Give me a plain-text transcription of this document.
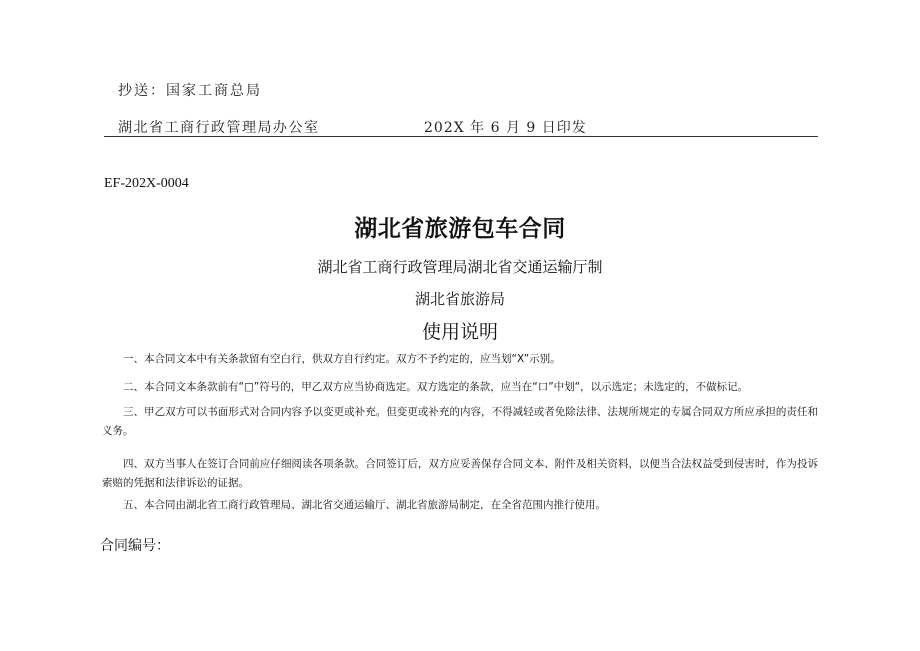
抄送：国家工商总局
湖北省工商行政管理局办公室	202X 年 6 月 9 日印发
EF-202X-0004
湖北省旅游包车合同
湖北省工商行政管理局湖北省交通运输厅制
湖北省旅游局
使用说明

一、本合同文本中有关条款留有空白行，供双方自行约定。双方不予约定的，应当划“X”示别。

二、本合同文本条款前有“□”符号的，甲乙双方应当协商选定。双方选定的条款，应当在“口”中划“，以示选定；未选定的，不做标记。

三、甲乙双方可以书面形式对合同内容予以变更或补充。但变更或补充的内容，不得减轻或者免除法律、法规所规定的专属合同双方所应承担的责任和义务。

四、双方当事人在签订合同前应仔细阅读各项条款。合同签订后，双方应妥善保存合同文本、附件及相关资料，以便当合法权益受到侵害时，作为投诉索赔的凭据和法律诉讼的证据。

五、本合同由湖北省工商行政管理局、湖北省交通运输厅、湖北省旅游局制定，在全省范围内推行使用。

合同编号：
